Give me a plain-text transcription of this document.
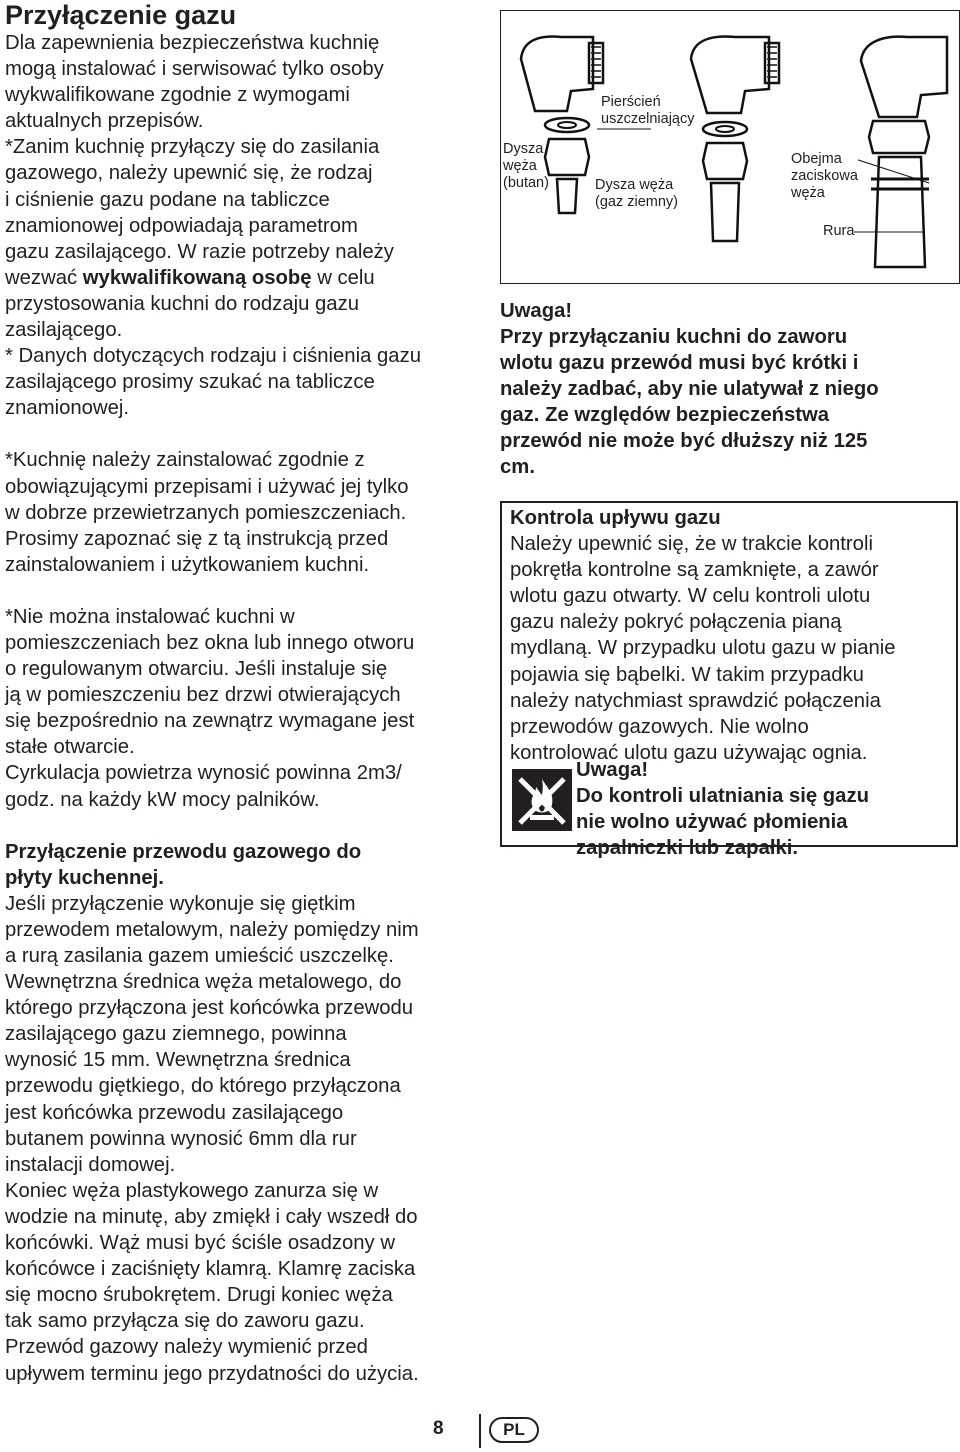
Przyłączenie gazu

Dla zapewnienia bezpieczeństwa kuchnię

mogą instalować i serwisować tylko osoby

wykwalifikowane zgodnie z wymogami

aktualnych przepisów.

*Zanim kuchnię przyłączy się do zasilania

gazowego, należy upewnić się, że rodzaj

i ciśnienie gazu podane na tabliczce

znamionowej odpowiadają parametrom

gazu zasilającego. W razie potrzeby należy

wezwać wykwalifikowaną osobę w celu

przystosowania kuchni do rodzaju gazu

zasilającego.

* Danych dotyczących rodzaju i ciśnienia gazu

zasilającego prosimy szukać na tabliczce

znamionowej.

*Kuchnię należy zainstalować zgodnie z

obowiązującymi przepisami i używać jej tylko

w dobrze przewietrzanych pomieszczeniach.

Prosimy zapoznać się z tą instrukcją przed

zainstalowaniem i użytkowaniem kuchni.

*Nie można instalować kuchni w

pomieszczeniach bez okna lub innego otworu

o regulowanym otwarciu. Jeśli instaluje się

ją w pomieszczeniu bez drzwi otwierających

się bezpośrednio na zewnątrz wymagane jest

stałe otwarcie.

Cyrkulacja powietrza wynosić powinna 2m3/

godz. na każdy kW mocy palników.

Przyłączenie przewodu gazowego do

płyty kuchennej.

Jeśli przyłączenie wykonuje się giętkim

przewodem metalowym, należy pomiędzy nim

a rurą zasilania gazem umieścić uszczelkę.

Wewnętrzna średnica węża metalowego, do

którego przyłączona jest końcówka przewodu

zasilającego gazu ziemnego, powinna

wynosić 15 mm. Wewnętrzna średnica

przewodu giętkiego, do którego przyłączona

jest końcówka przewodu zasilającego

butanem powinna wynosić 6mm dla rur

instalacji domowej.

Koniec węża plastykowego zanurza się w

wodzie na minutę, aby zmiękł i cały wszedł do

końcówki. Wąż musi być ściśle osadzony w

końcówce i zaciśnięty klamrą. Klamrę zaciska

się mocno śrubokrętem. Drugi koniec węża

tak samo przyłącza się do zaworu gazu.

Przewód gazowy należy wymienić przed

upływem terminu jego przydatności do użycia.

Dysza
węża
(butan)
Pierścień
uszczelniający
Dysza węża
(gaz ziemny)
Obejma
zaciskowa
węża
Rura
Uwaga!
Przy przyłączaniu kuchni do zaworu
wlotu gazu przewód musi być krótki i
należy zadbać, aby nie ulatywał z niego
gaz. Ze względów bezpieczeństwa
przewód nie może być dłuższy niż 125
cm.

Kontrola upływu gazu

Należy upewnić się, że w trakcie kontroli

pokrętła kontrolne są zamknięte, a zawór

wlotu gazu otwarty. W celu kontroli ulotu

gazu należy pokryć połączenia pianą

mydlaną. W przypadku ulotu gazu w pianie

pojawia się bąbelki. W takim przypadku

należy natychmiast sprawdzić połączenia

przewodów gazowych. Nie wolno

kontrolować ulotu gazu używając ognia.

Uwaga!
Do kontroli ulatniania się gazu
nie wolno używać płomienia
zapalniczki lub zapałki.
8	PL
